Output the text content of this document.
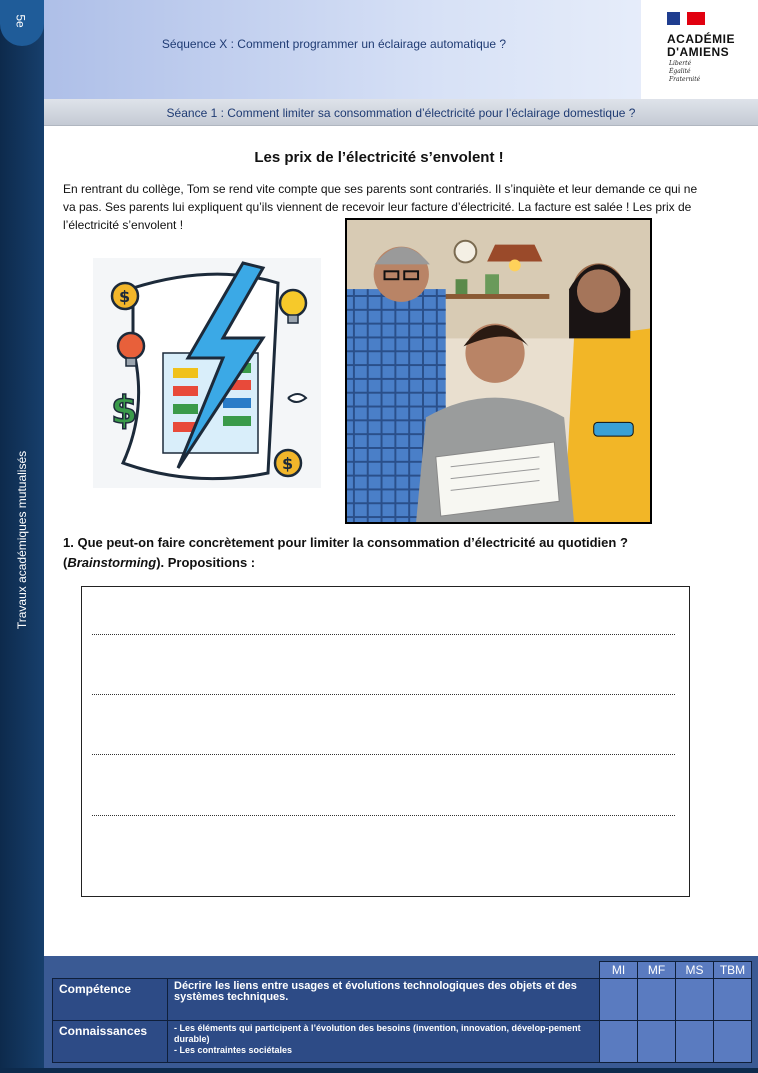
5e
Travaux académiques mutualisés
Séquence X : Comment programmer un éclairage automatique ?	ACADÉMIE
D'AMIENS
Liberté
Égalité
Fraternité
Séance 1 : Comment limiter sa consommation d’électricité pour l’éclairage domestique ?
Les prix de l’électricité s’envolent !

En rentrant du collège, Tom se rend vite compte que ses parents sont contrariés. Il s’inquiète et leur demande ce qui ne va pas. Ses parents lui expliquent qu’ils viennent de recevoir leur facture d’électricité. La facture est salée ! Les prix de l’électricité s’envolent !

$
$
$
1. Que peut-on faire concrètement pour limiter la consommation d’électricité au quotidien ?
(Brainstorming). Propositions :
		MI	MF	MS	TBM
Compétence	Décrire les liens entre usages et évolutions technologiques des objets et des systèmes techniques.				
Connaissances	- Les éléments qui participent à l’évolution des besoins (invention, innovation, dévelop-pement durable)
- Les contraintes sociétales				
